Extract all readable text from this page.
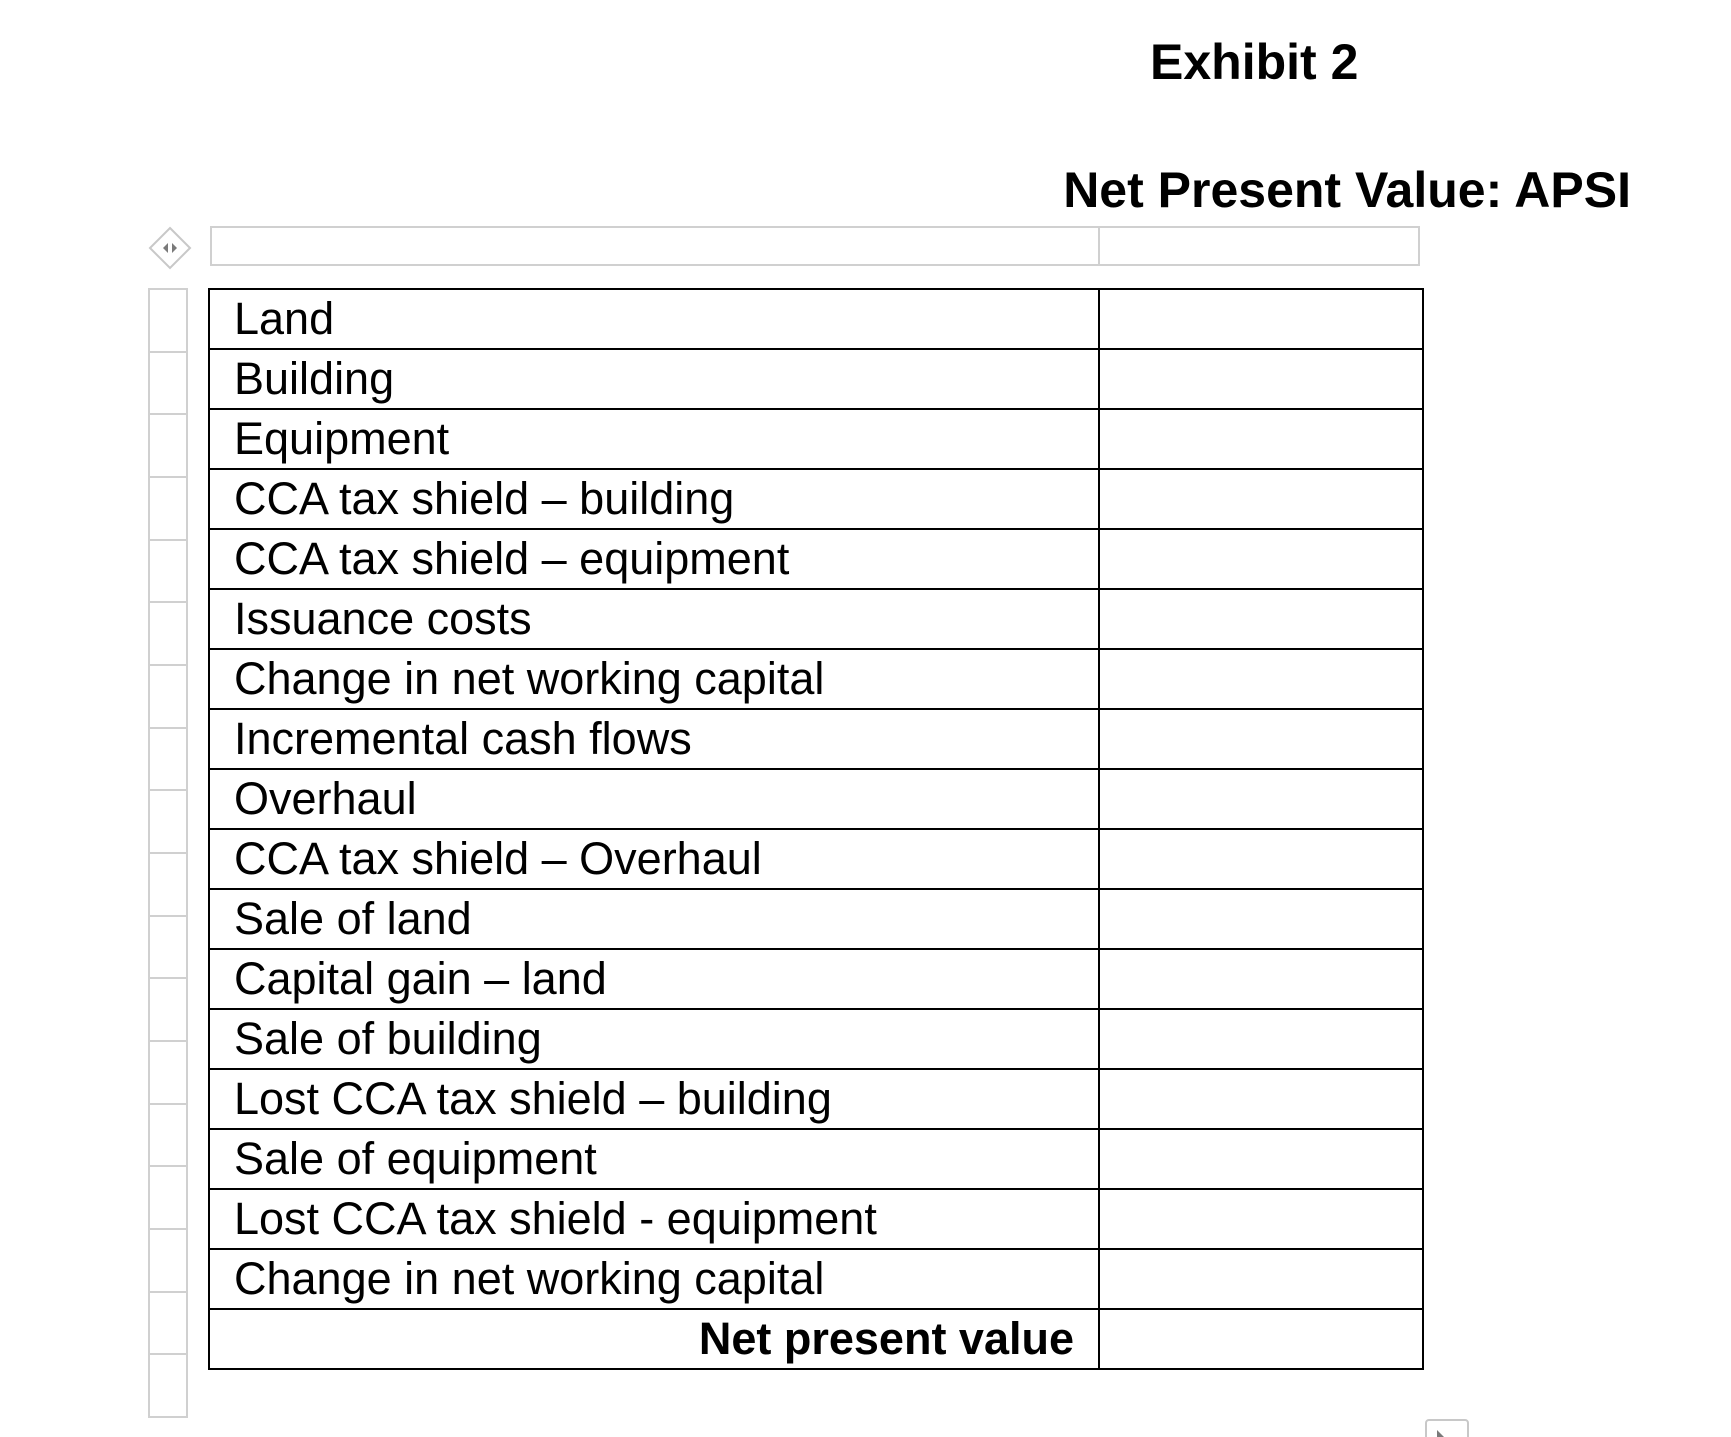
Exhibit 2
Net Present Value: APSI
Land	
Building	
Equipment	
CCA tax shield – building	
CCA tax shield – equipment	
Issuance costs	
Change in net working capital	
Incremental cash flows	
Overhaul	
CCA tax shield – Overhaul	
Sale of land	
Capital gain – land	
Sale of building	
Lost CCA tax shield – building	
Sale of equipment	
Lost CCA tax shield - equipment	
Change in net working capital	
Net present value	
